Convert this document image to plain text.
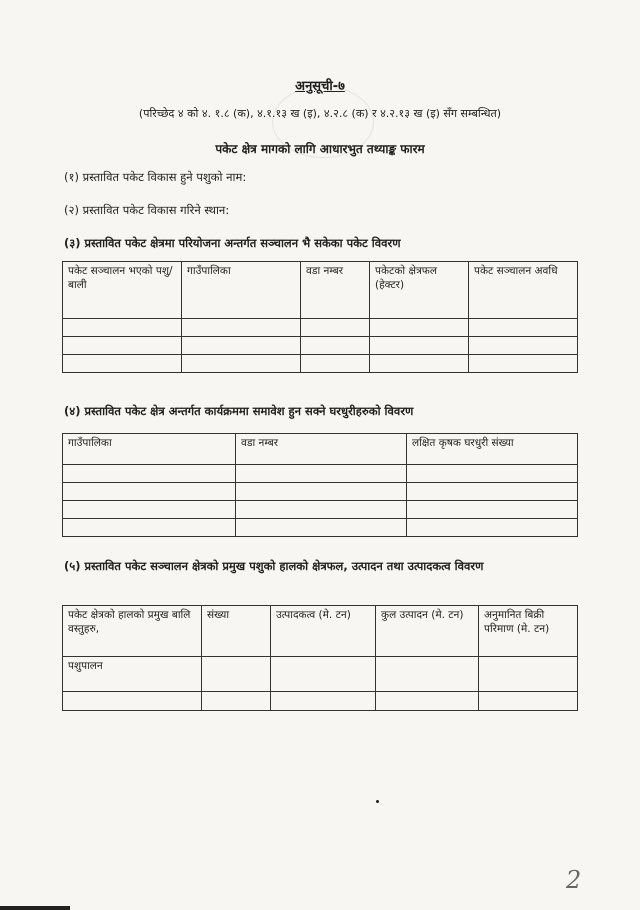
अनुसूची-७
(परिच्छेद ४ को ४. १.८ (क), ४.१.१३ ख (इ), ४.२.८ (क) र ४.२.१३ ख (इ) सँग सम्बन्धित)
पकेट क्षेत्र मागको लागि आधारभुत तथ्याङ्क फारम
(१) प्रस्तावित पकेट विकास हुने पशुको नाम:
(२) प्रस्तावित पकेट विकास गरिने स्थान:
(३) प्रस्तावित पकेट क्षेत्रमा परियोजना अन्तर्गत सञ्चालन भै सकेका पकेट विवरण
पकेट सञ्चालन भएको पशु/बाली	गाउँपालिका	वडा नम्बर	पकेटको क्षेत्रफल (हेक्टर)	पकेट सञ्चालन अवधि

(४) प्रस्तावित पकेट क्षेत्र अन्तर्गत कार्यक्रममा समावेश हुन सक्ने घरधुरीहरुको विवरण
गाउँपालिका	वडा नम्बर	लक्षित कृषक घरधुरी संख्या

(५) प्रस्तावित पकेट सञ्चालन क्षेत्रको प्रमुख पशुको हालको क्षेत्रफल, उत्पादन तथा उत्पादकत्व विवरण
पकेट क्षेत्रको हालको प्रमुख बालि वस्तुहरु,	संख्या	उत्पादकत्व (मे. टन)	कुल उत्पादन (मे. टन)	अनुमानित बिक्री परिमाण (मे. टन)
पशुपालन				

2
